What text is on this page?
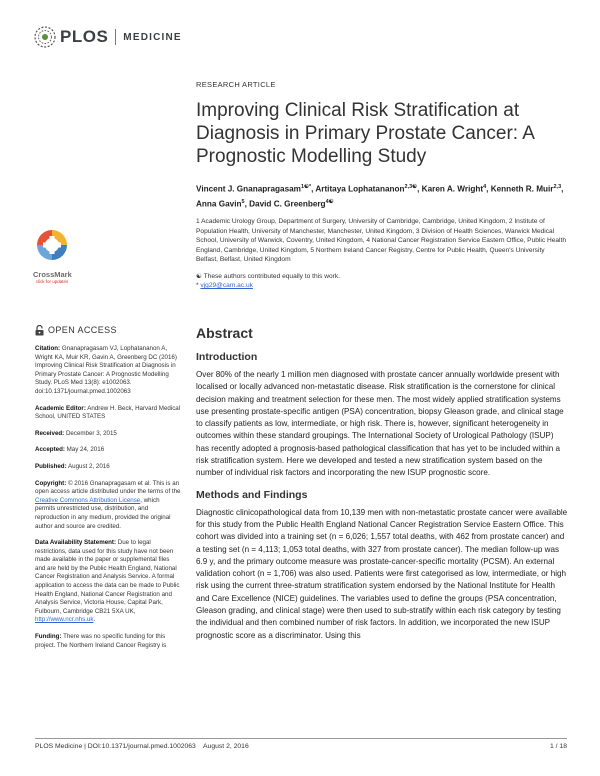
PLOS MEDICINE
CrossMark
click for updates
OPEN ACCESS
Citation: Gnanapragasam VJ, Lophatananon A, Wright KA, Muir KR, Gavin A, Greenberg DC (2016) Improving Clinical Risk Stratification at Diagnosis in Primary Prostate Cancer: A Prognostic Modelling Study. PLoS Med 13(8): e1002063. doi:10.1371/journal.pmed.1002063
Academic Editor: Andrew H. Beck, Harvard Medical School, UNITED STATES
Received: December 3, 2015
Accepted: May 24, 2016
Published: August 2, 2016
Copyright: © 2016 Gnanapragasam et al. This is an open access article distributed under the terms of the Creative Commons Attribution License, which permits unrestricted use, distribution, and reproduction in any medium, provided the original author and source are credited.
Data Availability Statement: Due to legal restrictions, data used for this study have not been made available in the paper or supplemental files and are held by the Public Health England, National Cancer Registration and Analysis Service. A formal application to access the data can be made to Public Health England, National Cancer Registration and Analysis Service, Victoria House, Capital Park, Fulbourn, Cambridge CB21 5XA UK, http://www.ncr.nhs.uk.
Funding: There was no specific funding for this project. The Northern Ireland Cancer Registry is
RESEARCH ARTICLE
Improving Clinical Risk Stratification at Diagnosis in Primary Prostate Cancer: A Prognostic Modelling Study
Vincent J. Gnanapragasam$^{1☯*}$, Artitaya Lophatananon$^{2,3☯}$, Karen A. Wright$^4$, Kenneth R. Muir$^{2,3}$, Anna Gavin$^5$, David C. Greenberg$^{4☯}$
1 Academic Urology Group, Department of Surgery, University of Cambridge, Cambridge, United Kingdom, 2 Institute of Population Health, University of Manchester, Manchester, United Kingdom, 3 Division of Health Sciences, Warwick Medical School, University of Warwick, Coventry, United Kingdom, 4 National Cancer Registration Service Eastern Office, Public Health England, Cambridge, United Kingdom, 5 Northern Ireland Cancer Registry, Centre for Public Health, Queen's University Belfast, Belfast, United Kingdom
☯ These authors contributed equally to this work.
* vjg29@cam.ac.uk
Abstract
Introduction

Over 80% of the nearly 1 million men diagnosed with prostate cancer annually worldwide present with localised or locally advanced non-metastatic disease. Risk stratification is the cornerstone for clinical decision making and treatment selection for these men. The most widely applied stratification systems use presenting prostate-specific antigen (PSA) concentration, biopsy Gleason grade, and clinical stage to classify patients as low, intermediate, or high risk. There is, however, significant heterogeneity in outcomes within these standard groupings. The International Society of Urological Pathology (ISUP) has recently adopted a prognosis-based pathological classification that has yet to be included within a risk stratification system. Here we developed and tested a new stratification system based on the number of individual risk factors and incorporating the new ISUP prognostic score.

Methods and Findings

Diagnostic clinicopathological data from 10,139 men with non-metastatic prostate cancer were available for this study from the Public Health England National Cancer Registration Service Eastern Office. This cohort was divided into a training set (n = 6,026; 1,557 total deaths, with 462 from prostate cancer) and a testing set (n = 4,113; 1,053 total deaths, with 327 from prostate cancer). The median follow-up was 6.9 y, and the primary outcome measure was prostate-cancer-specific mortality (PCSM). An external validation cohort (n = 1,706) was also used. Patients were first categorised as low, intermediate, or high risk using the current three-stratum stratification system endorsed by the National Institute for Health and Care Excellence (NICE) guidelines. The variables used to define the groups (PSA concentration, Gleason grading, and clinical stage) were then used to sub-stratify within each risk category by testing the individual and then combined number of risk factors. In addition, we incorporated the new ISUP prognostic score as a discriminator. Using this

PLOS Medicine | DOI:10.1371/journal.pmed.1002063    August 2, 2016	1 / 18
